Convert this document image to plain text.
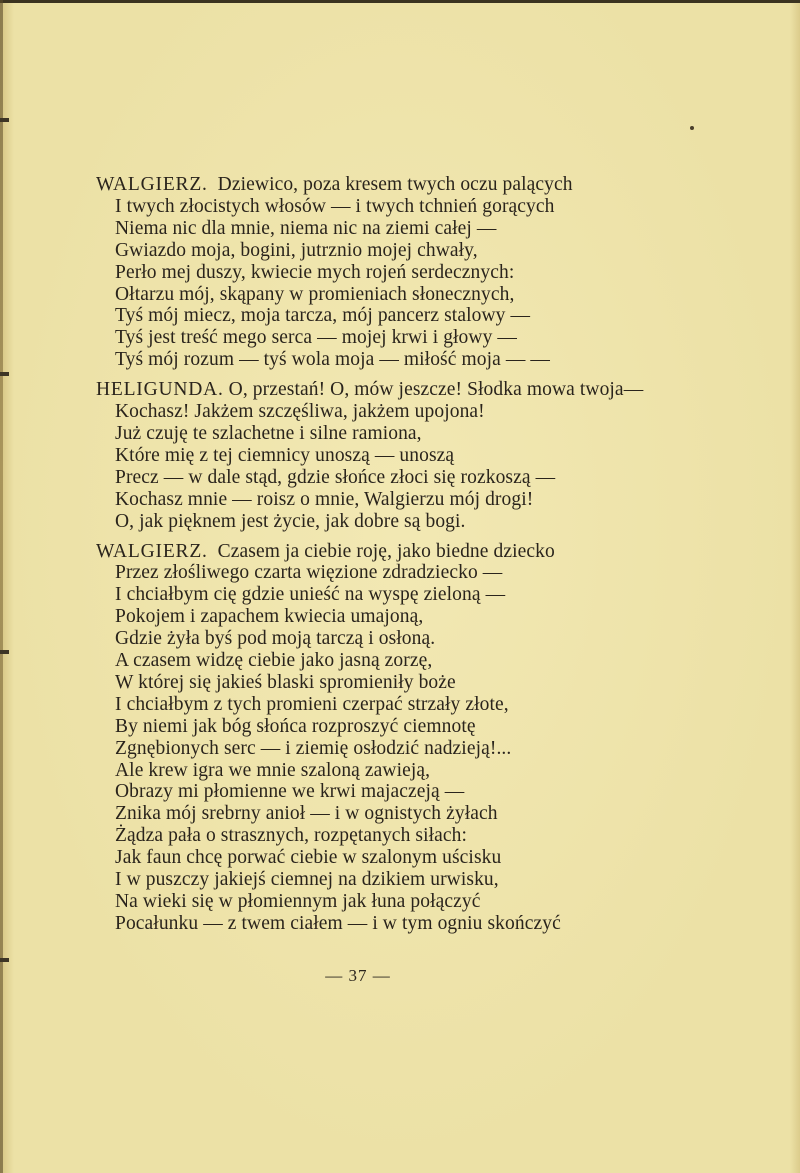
WALGIERZ. Dziewico, poza kresem twych oczu palących
I twych złocistych włosów — i twych tchnień gorących
Niema nic dla mnie, niema nic na ziemi całej —
Gwiazdo moja, bogini, jutrznio mojej chwały,
Perło mej duszy, kwiecie mych rojeń serdecznych:
Ołtarzu mój, skąpany w promieniach słonecznych,
Tyś mój miecz, moja tarcza, mój pancerz stalowy —
Tyś jest treść mego serca — mojej krwi i głowy —
Tyś mój rozum — tyś wola moja — miłość moja — —
HELIGUNDA. O, przestań! O, mów jeszcze! Słodka mowa twoja—
Kochasz! Jakżem szczęśliwa, jakżem upojona!
Już czuję te szlachetne i silne ramiona,
Które mię z tej ciemnicy unoszą — unoszą
Precz — w dale stąd, gdzie słońce złoci się rozkoszą —
Kochasz mnie — roisz o mnie, Walgierzu mój drogi!
O, jak pięknem jest życie, jak dobre są bogi.
WALGIERZ. Czasem ja ciebie roję, jako biedne dziecko
Przez złośliwego czarta więzione zdradziecko —
I chciałbym cię gdzie unieść na wyspę zieloną —
Pokojem i zapachem kwiecia umajoną,
Gdzie żyła byś pod moją tarczą i osłoną.
A czasem widzę ciebie jako jasną zorzę,
W której się jakieś blaski spromieniły boże
I chciałbym z tych promieni czerpać strzały złote,
By niemi jak bóg słońca rozproszyć ciemnotę
Zgnębionych serc — i ziemię osłodzić nadzieją!...
Ale krew igra we mnie szaloną zawieją,
Obrazy mi płomienne we krwi majaczeją —
Znika mój srebrny anioł — i w ognistych żyłach
Żądza pała o strasznych, rozpętanych siłach:
Jak faun chcę porwać ciebie w szalonym uścisku
I w puszczy jakiejś ciemnej na dzikiem urwisku,
Na wieki się w płomiennym jak łuna połączyć
Pocałunku — z twem ciałem — i w tym ogniu skończyć
— 37 —
